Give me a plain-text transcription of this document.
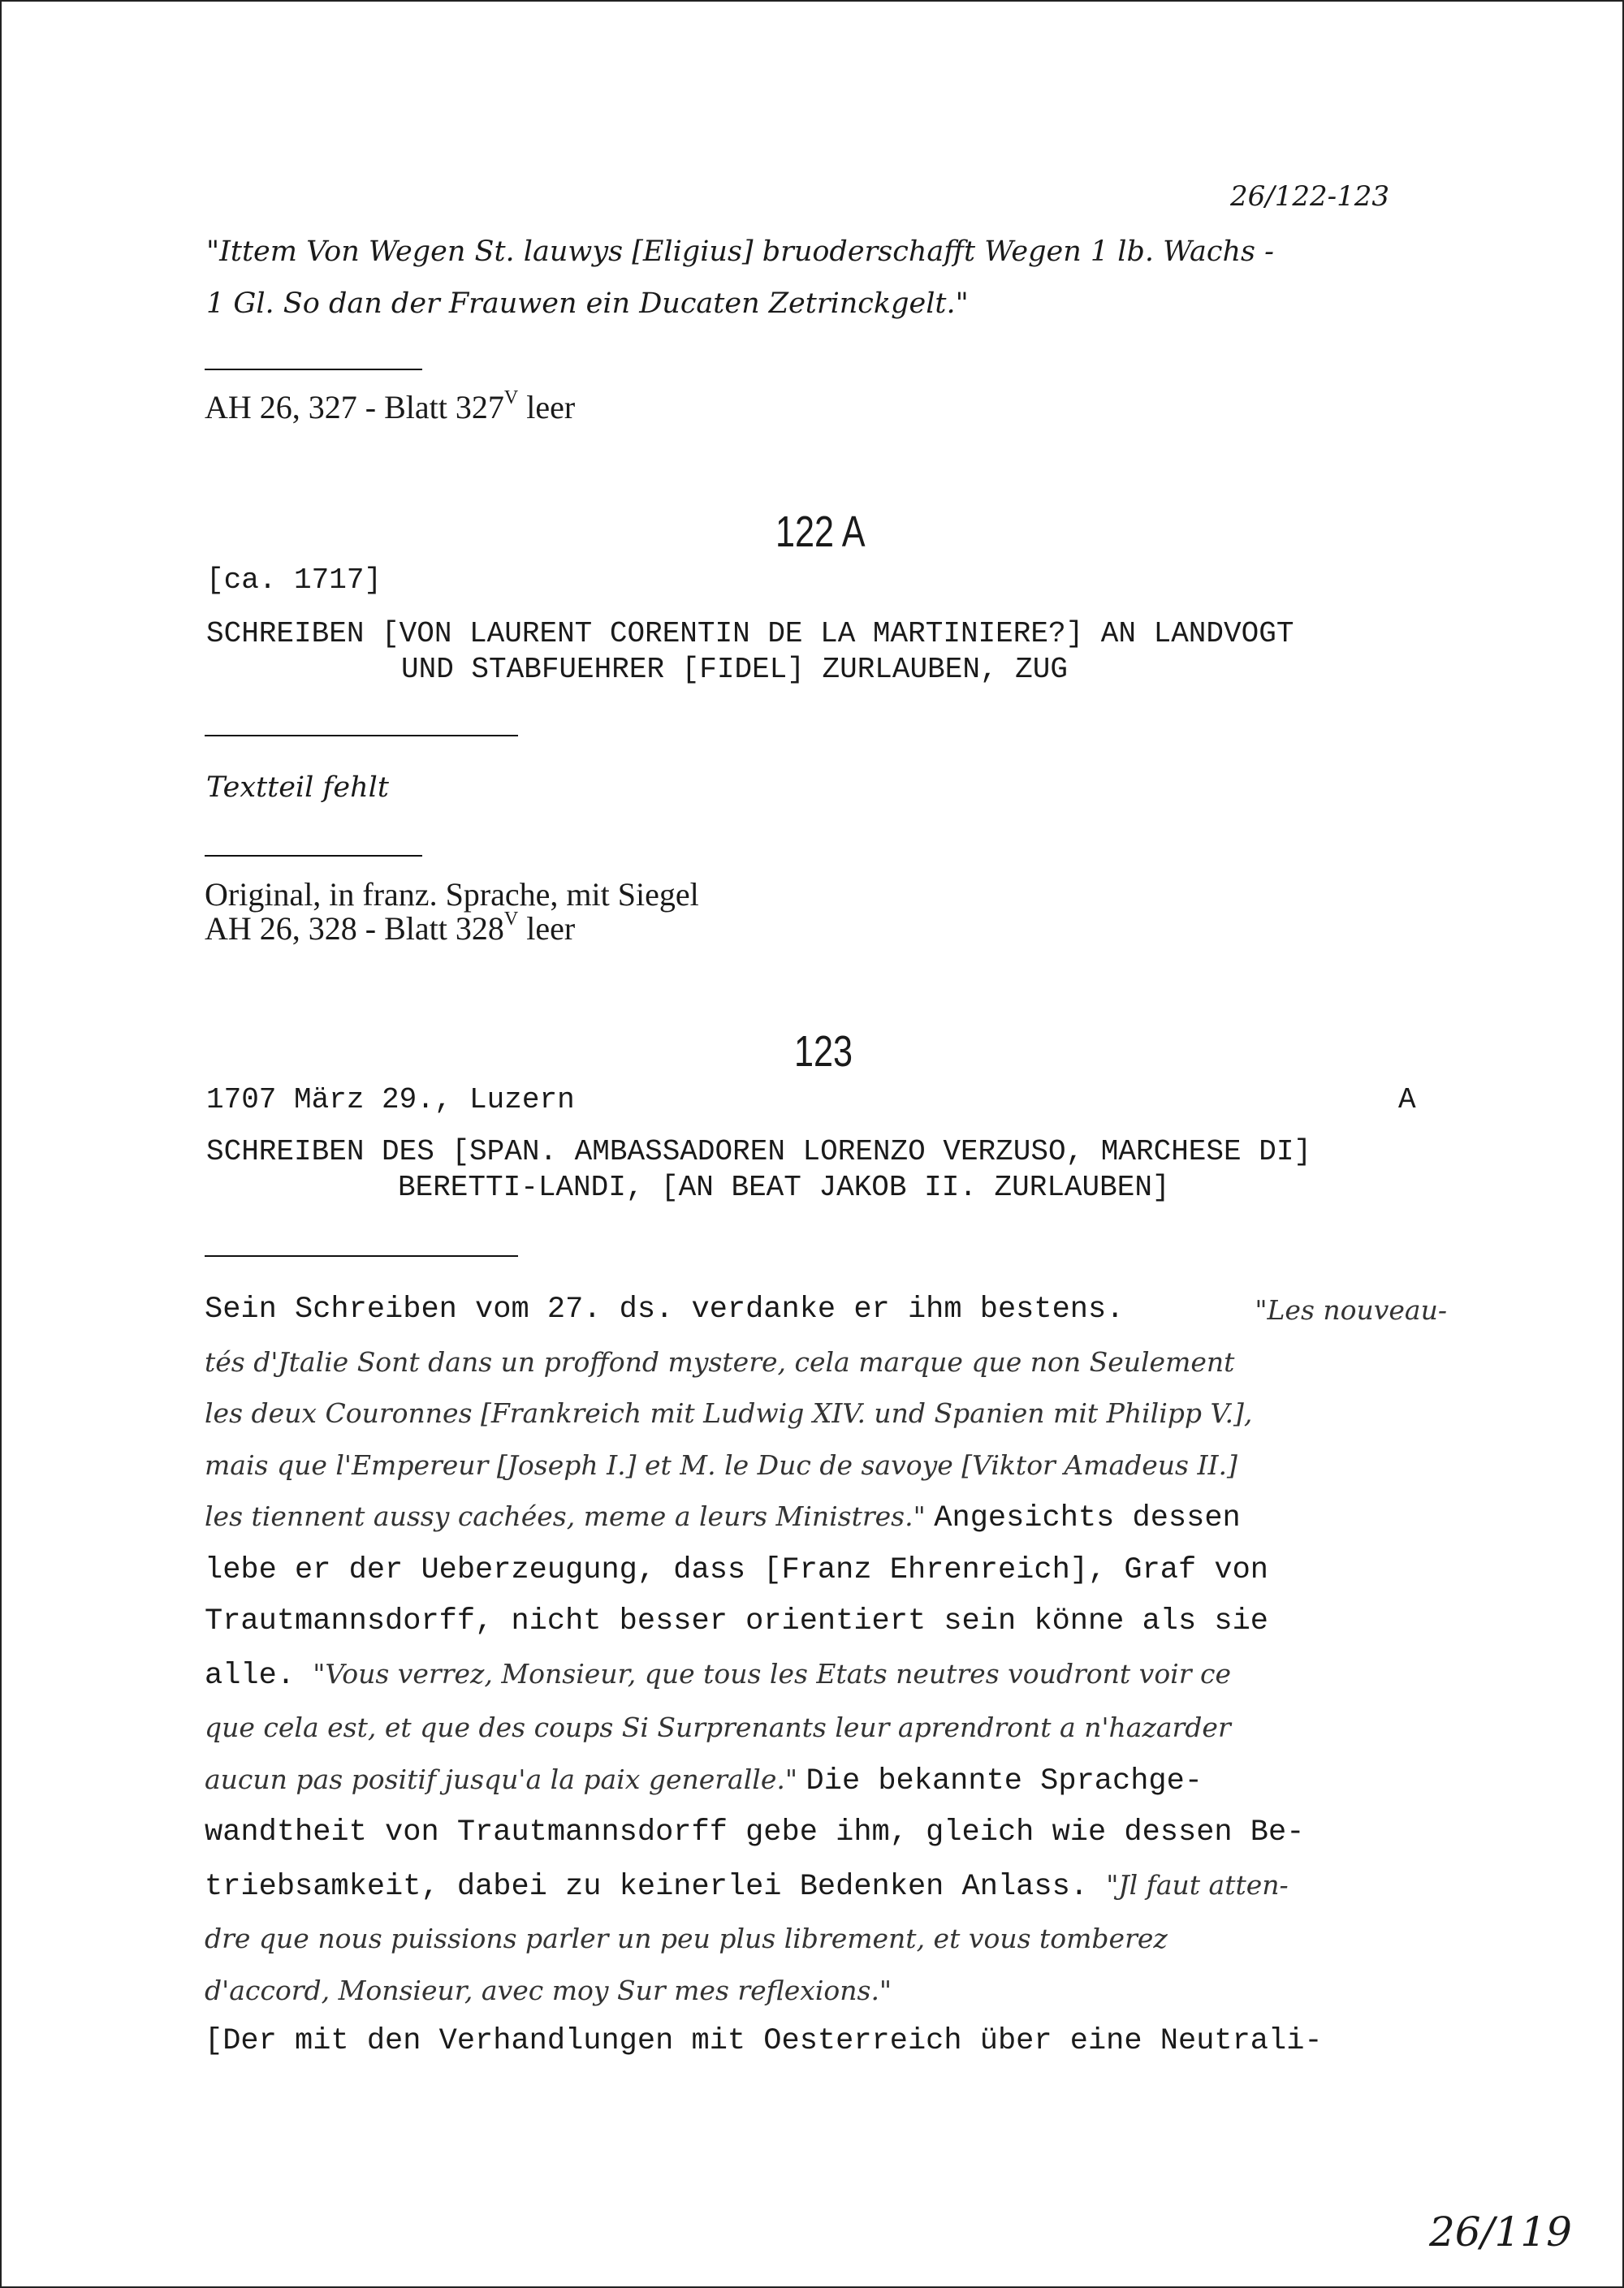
26/122-123
"Ittem Von Wegen St. lauwys [Eligius] bruoderschafft Wegen 1 lb. Wachs -
1 Gl. So dan der Frauwen ein Ducaten Zetrinckgelt."
AH 26, 327 - Blatt $327^V$ leer
122 A
[ca. 1717]
SCHREIBEN [VON LAURENT CORENTIN DE LA MARTINIERE?] AN LANDVOGT
UND STABFUEHRER [FIDEL] ZURLAUBEN, ZUG
Textteil fehlt
Original, in franz. Sprache, mit Siegel
AH 26, 328 - Blatt $328^V$ leer
123
1707 März 29., Luzern	A
SCHREIBEN DES [SPAN. AMBASSADOREN LORENZO VERZUSO, MARCHESE DI]
BERETTI-LANDI, [AN BEAT JAKOB II. ZURLAUBEN]
Sein Schreiben vom 27. ds. verdanke er ihm bestens.	"Les nouveau-
tés d'Jtalie Sont dans un proffond mystere, cela marque que non Seulement
les deux Couronnes [Frankreich mit Ludwig XIV. und Spanien mit Philipp V.],
mais que l'Empereur [Joseph I.] et M. le Duc de savoye [Viktor Amadeus II.]
les tiennent aussy cachées, meme a leurs Ministres." Angesichts dessen
lebe er der Ueberzeugung, dass [Franz Ehrenreich], Graf von
Trautmannsdorff, nicht besser orientiert sein könne als sie
alle. "Vous verrez, Monsieur, que tous les Etats neutres voudront voir ce
que cela est, et que des coups Si Surprenants leur aprendront a n'hazarder
aucun pas positif jusqu'a la paix generalle." Die bekannte Sprachge-
wandtheit von Trautmannsdorff gebe ihm, gleich wie dessen Be-
triebsamkeit, dabei zu keinerlei Bedenken Anlass. "Jl faut atten-
dre que nous puissions parler un peu plus librement, et vous tomberez
d'accord, Monsieur, avec moy Sur mes reflexions."
[Der mit den Verhandlungen mit Oesterreich über eine Neutrali-
26/119
